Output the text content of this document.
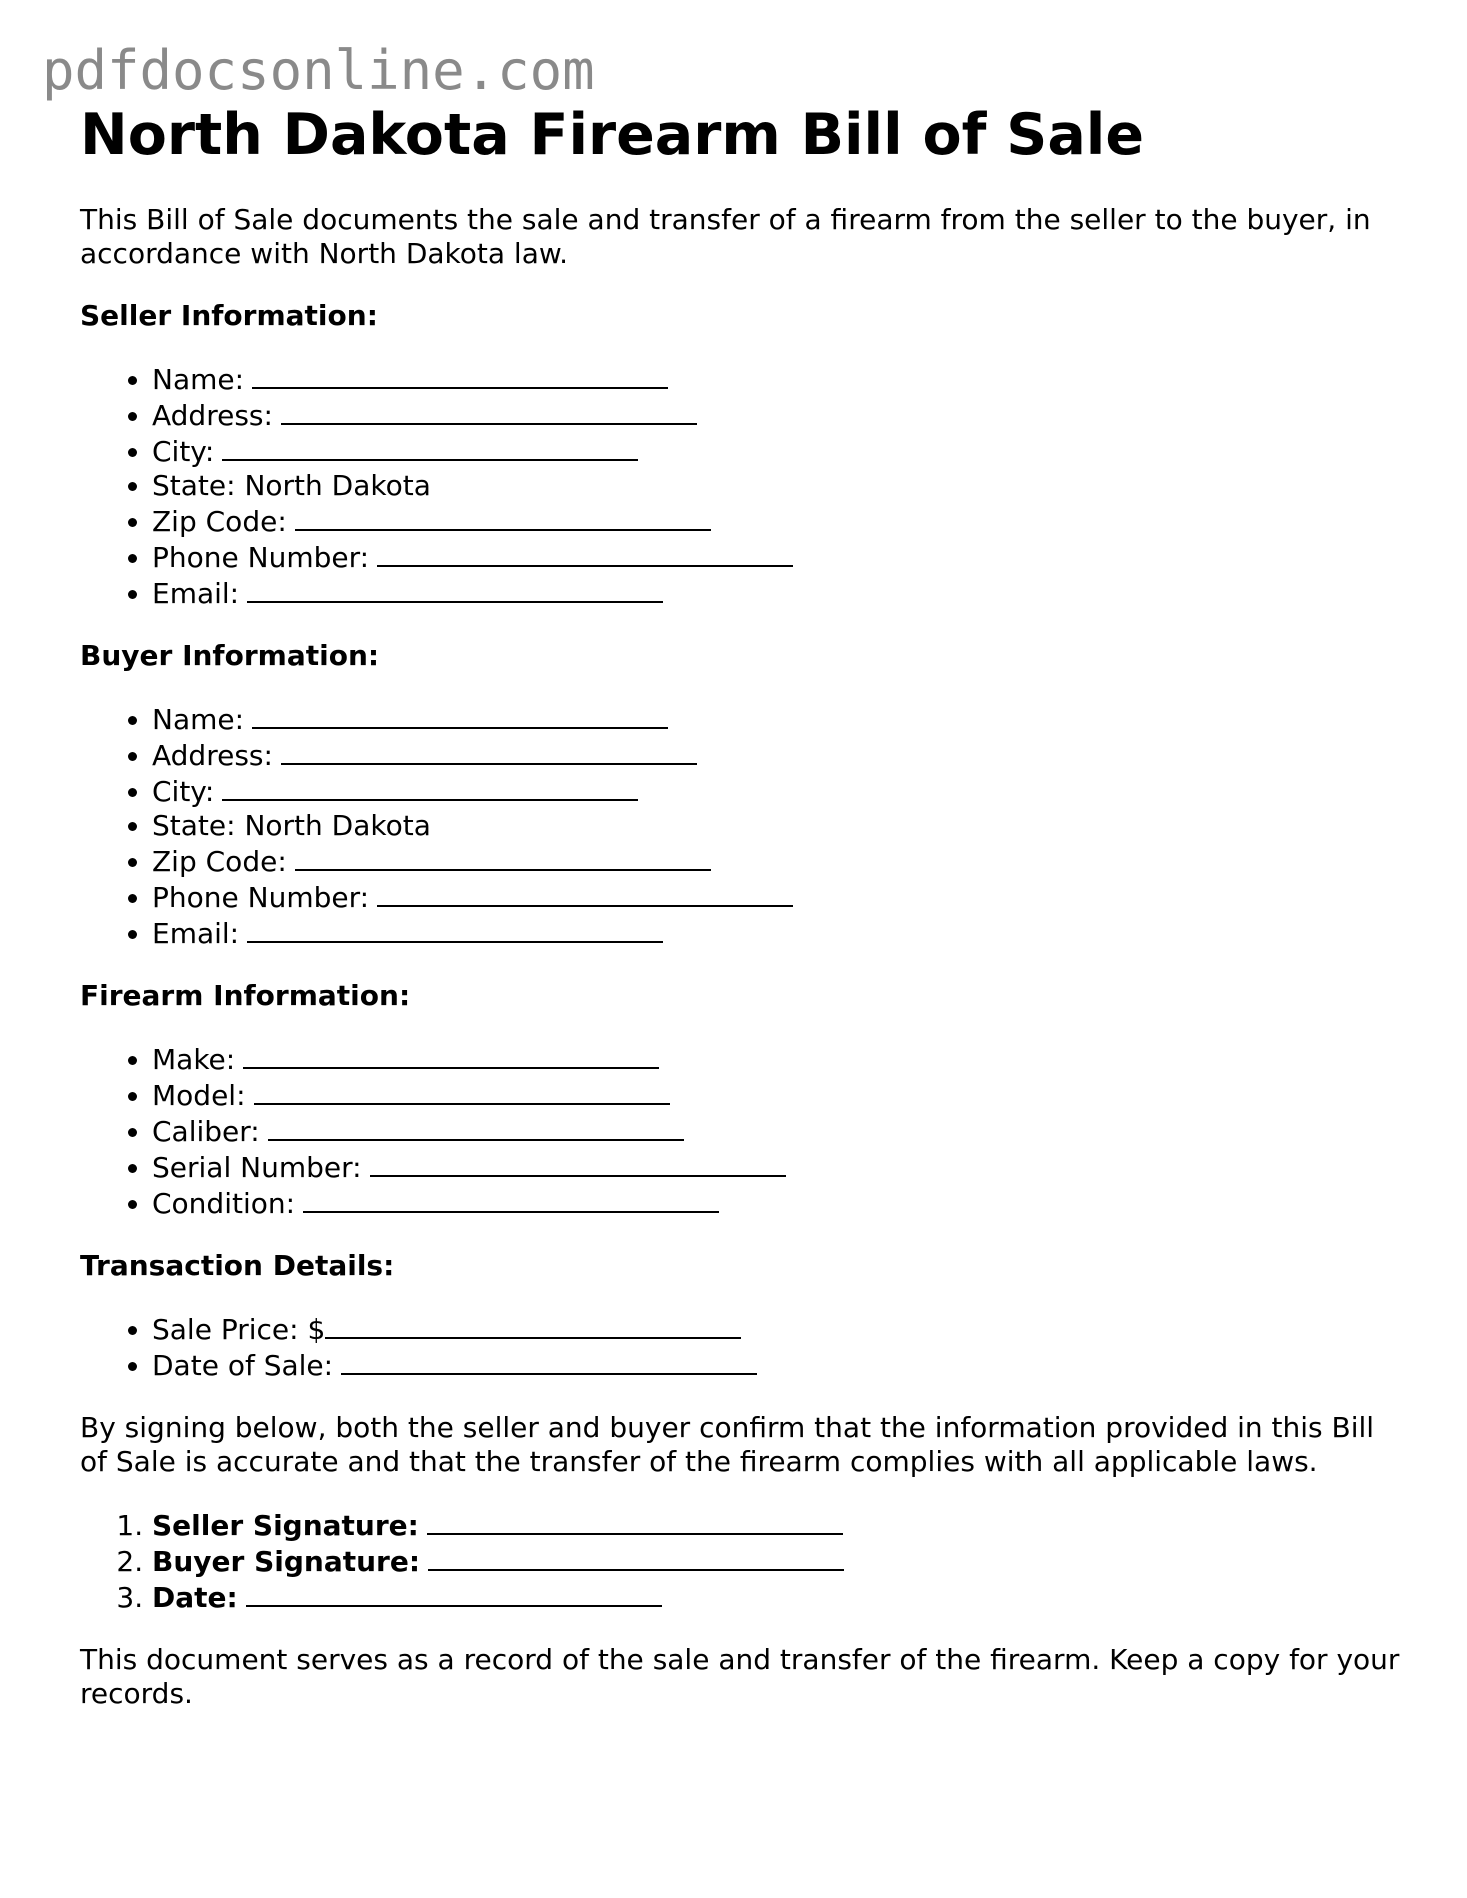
pdfdocsonline.com
North Dakota Firearm Bill of Sale

This Bill of Sale documents the sale and transfer of a firearm from the seller to the buyer, in accordance with North Dakota law.

Seller Information:
• Name:
• Address:
• City:
• State: North Dakota
• Zip Code:
• Phone Number:
• Email:
Buyer Information:
• Name:
• Address:
• City:
• State: North Dakota
• Zip Code:
• Phone Number:
• Email:
Firearm Information:
• Make:
• Model:
• Caliber:
• Serial Number:
• Condition:
Transaction Details:
• Sale Price: $
• Date of Sale:

By signing below, both the seller and buyer confirm that the information provided in this Bill of Sale is accurate and that the transfer of the firearm complies with all applicable laws.

1. Seller Signature:
2. Buyer Signature:
3. Date:

This document serves as a record of the sale and transfer of the firearm. Keep a copy for your records.
